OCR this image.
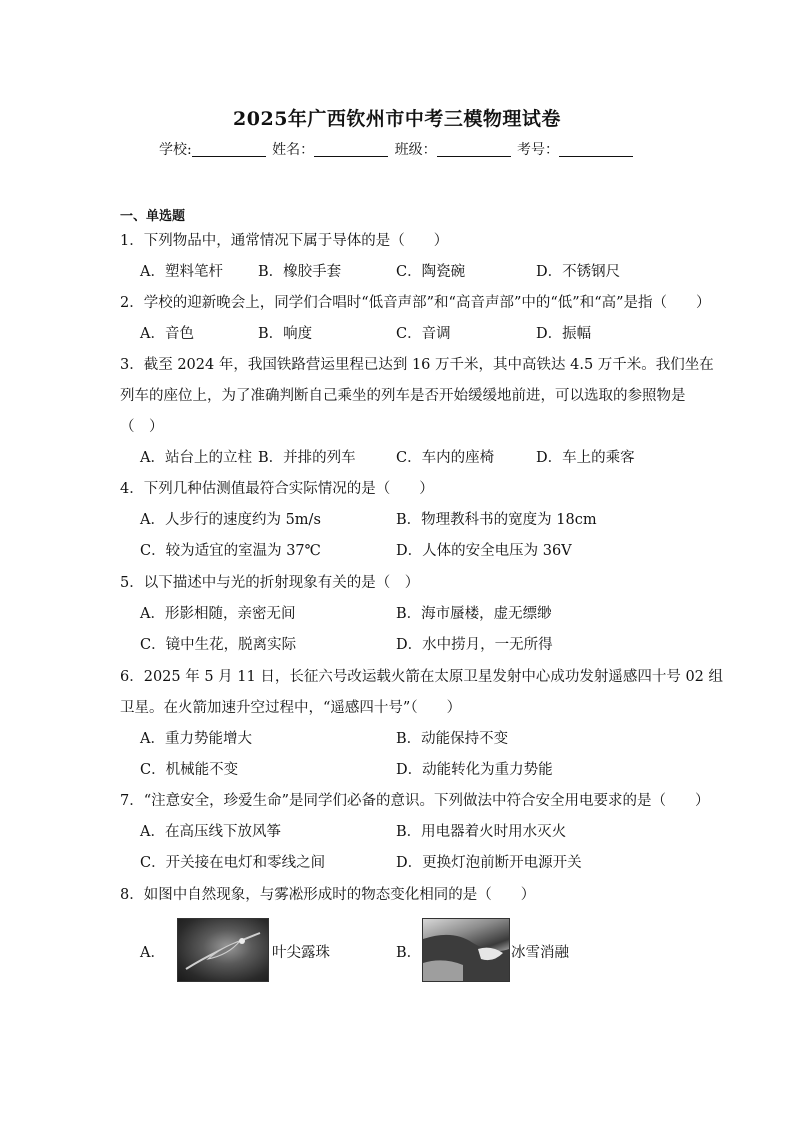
2025年广西钦州市中考三模物理试卷
学校:	姓名：	班级：	考号：
一、单选题
1．下列物品中，通常情况下属于导体的是（　　）
A．塑料笔杆 B．橡胶手套	C．陶瓷碗	D．不锈钢尺
2．学校的迎新晚会上，同学们合唱时“低音声部”和“高音声部”中的“低”和“高”是指（　　）
A．音色	B．响度	C．音调	D．振幅
3．截至 2024 年，我国铁路营运里程已达到 16 万千米，其中高铁达 4.5 万千米。我们坐在
列车的座位上，为了准确判断自己乘坐的列车是否开始缓缓地前进，可以选取的参照物是
（　）
A．站台上的立柱 B．并排的列车	C．车内的座椅	D．车上的乘客
4．下列几种估测值最符合实际情况的是（　　）
A．人步行的速度约为 5m/s	B．物理教科书的宽度为 18cm
C．较为适宜的室温为 37℃	D．人体的安全电压为 36V
5．以下描述中与光的折射现象有关的是（　）
A．形影相随，亲密无间	B．海市蜃楼，虚无缥缈
C．镜中生花，脱离实际	D．水中捞月，一无所得
6．2025 年 5 月 11 日，长征六号改运载火箭在太原卫星发射中心成功发射遥感四十号 02 组
卫星。在火箭加速升空过程中，“遥感四十号”（　　）
A．重力势能增大	B．动能保持不变
C．机械能不变	D．动能转化为重力势能
7．“注意安全，珍爱生命”是同学们必备的意识。下列做法中符合安全用电要求的是（　　）
A．在高压线下放风筝	B．用电器着火时用水灭火
C．开关接在电灯和零线之间	D．更换灯泡前断开电源开关
8．如图中自然现象，与雾凇形成时的物态变化相同的是（　　）
A．	叶尖露珠	B．	冰雪消融
